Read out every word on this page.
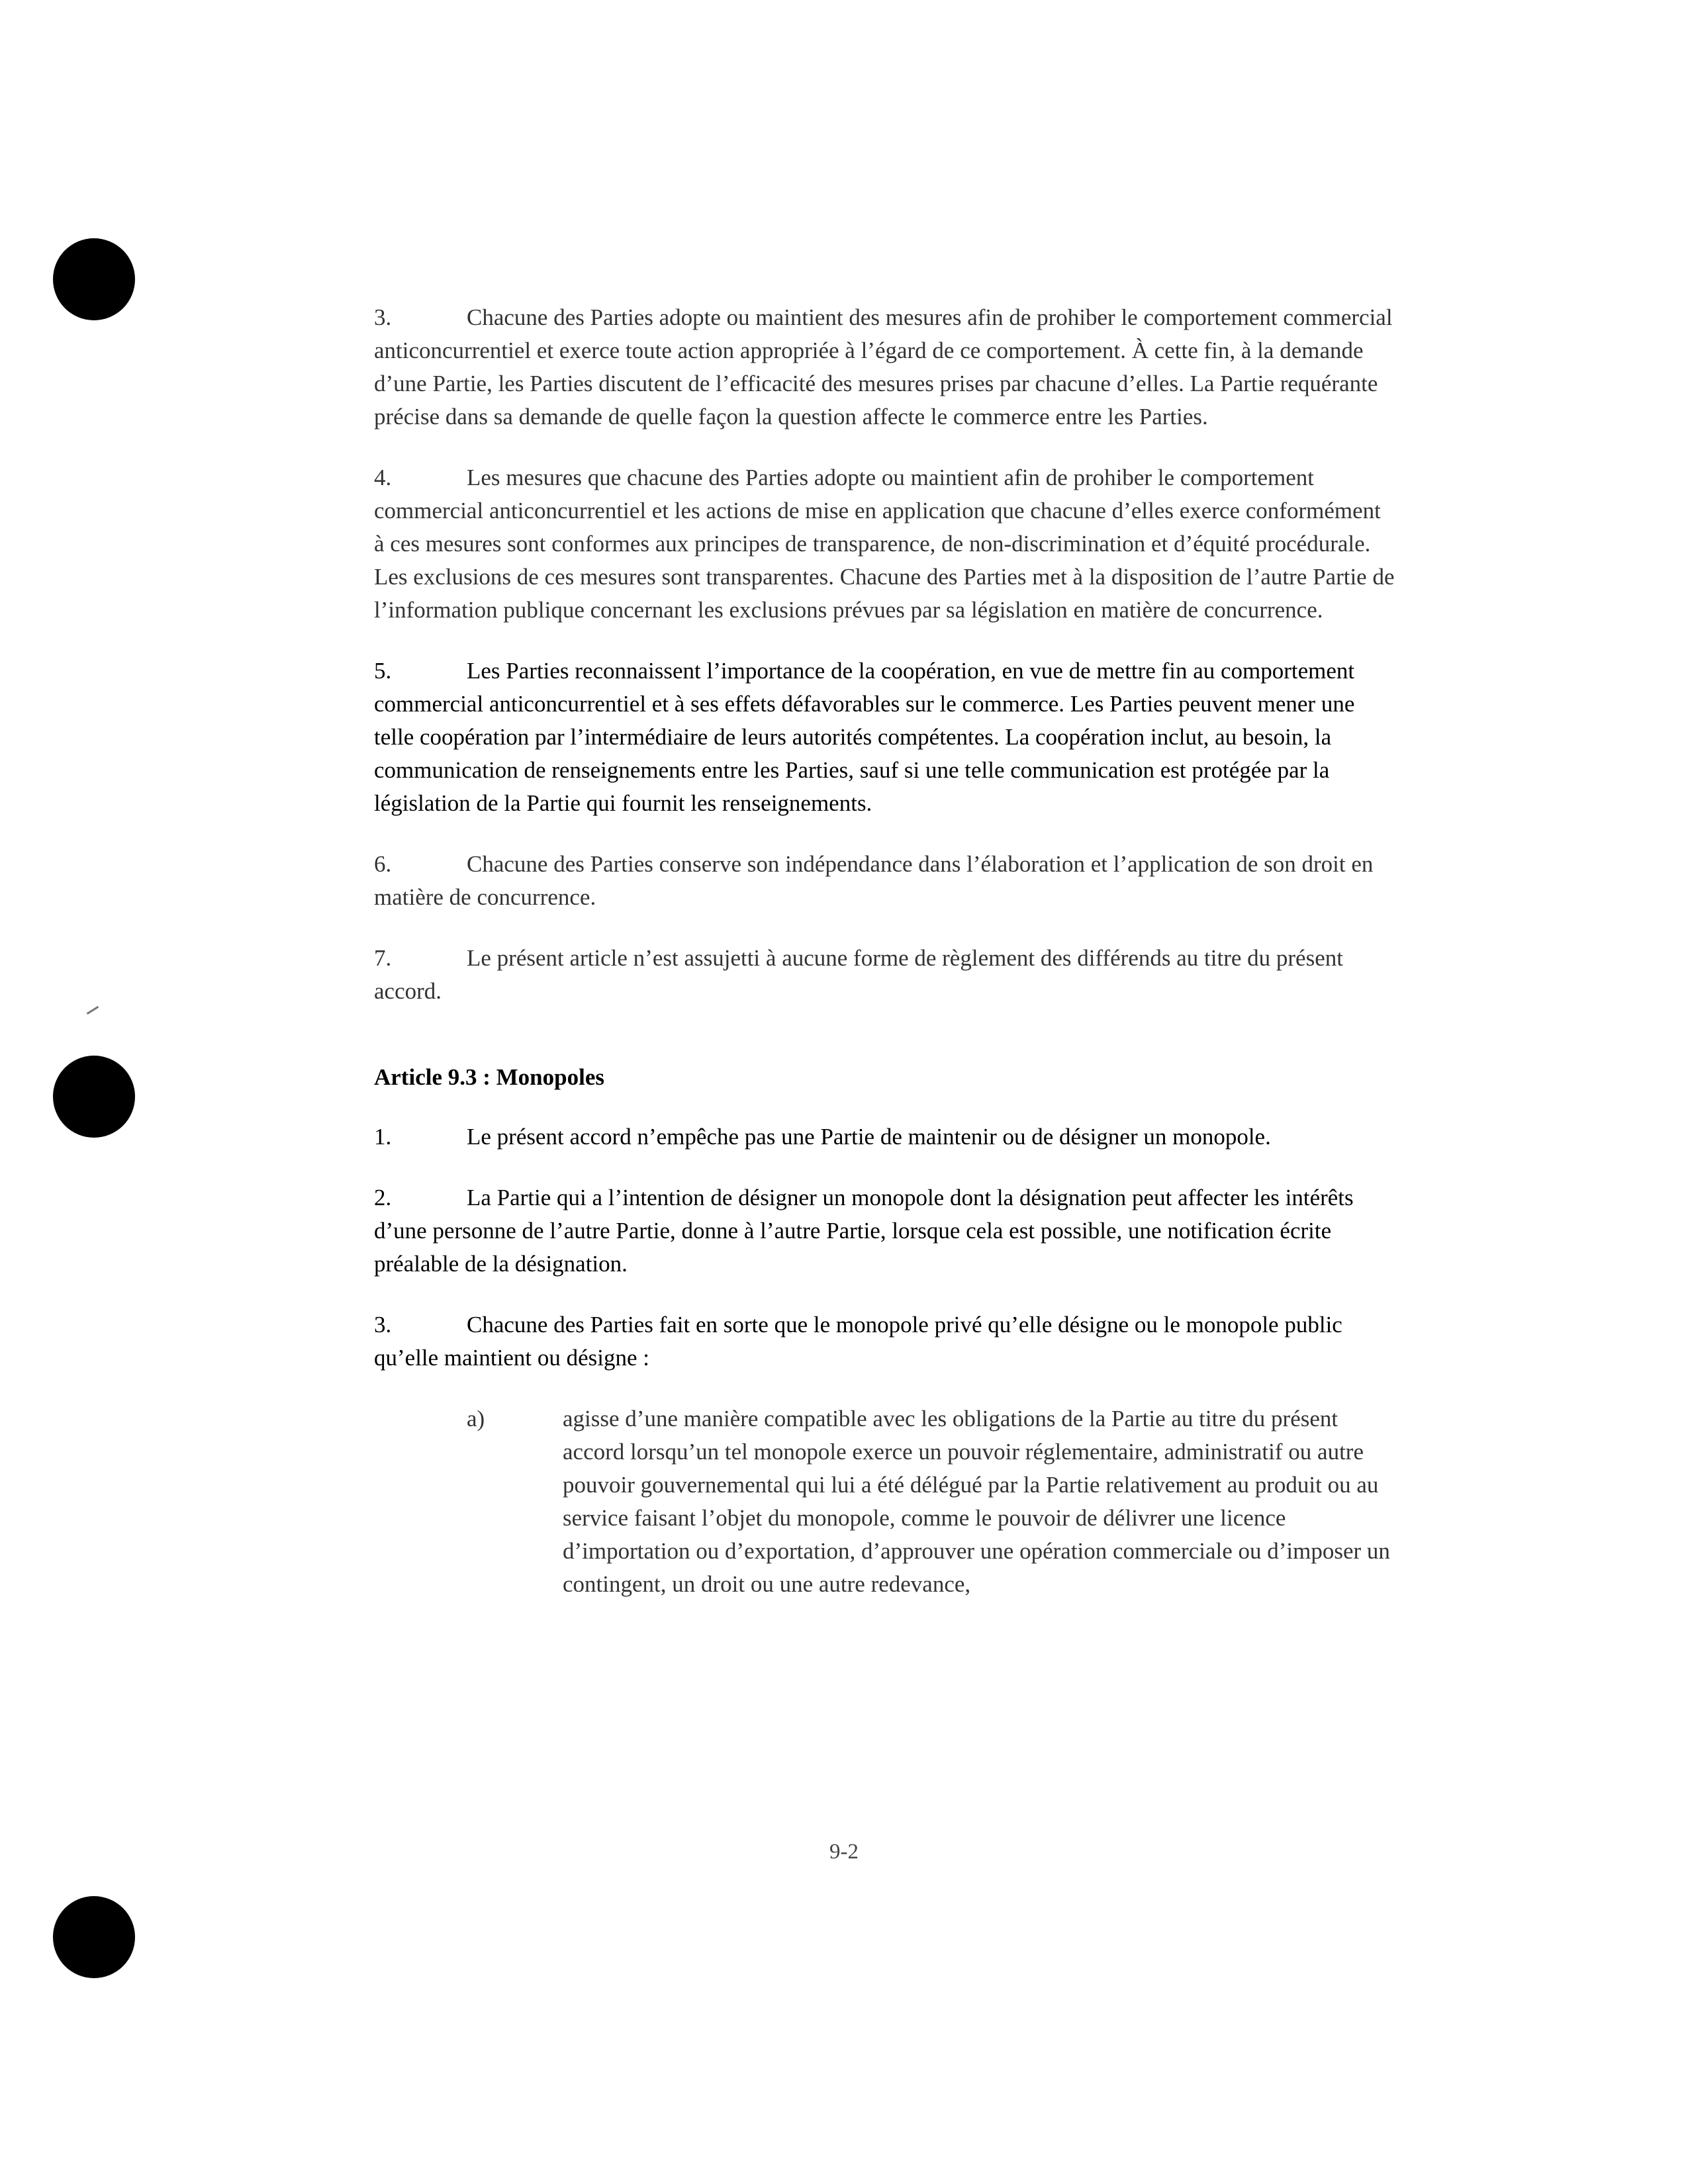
3.	Chacune des Parties adopte ou maintient des mesures afin de prohiber le comportement commercial anticoncurrentiel et exerce toute action appropriée à l’égard de ce comportement. À cette fin, à la demande d’une Partie, les Parties discutent de l’efficacité des mesures prises par chacune d’elles. La Partie requérante précise dans sa demande de quelle façon la question affecte le commerce entre les Parties.

4.	Les mesures que chacune des Parties adopte ou maintient afin de prohiber le comportement commercial anticoncurrentiel et les actions de mise en application que chacune d’elles exerce conformément à ces mesures sont conformes aux principes de transparence, de non-discrimination et d’équité procédurale. Les exclusions de ces mesures sont transparentes. Chacune des Parties met à la disposition de l’autre Partie de l’information publique concernant les exclusions prévues par sa législation en matière de concurrence.

5.	Les Parties reconnaissent l’importance de la coopération, en vue de mettre fin au comportement commercial anticoncurrentiel et à ses effets défavorables sur le commerce. Les Parties peuvent mener une telle coopération par l’intermédiaire de leurs autorités compétentes. La coopération inclut, au besoin, la communication de renseignements entre les Parties, sauf si une telle communication est protégée par la législation de la Partie qui fournit les renseignements.

6.	Chacune des Parties conserve son indépendance dans l’élaboration et l’application de son droit en matière de concurrence.

7.	Le présent article n’est assujetti à aucune forme de règlement des différends au titre du présent accord.

Article 9.3 : Monopoles

1.	Le présent accord n’empêche pas une Partie de maintenir ou de désigner un monopole.

2.	La Partie qui a l’intention de désigner un monopole dont la désignation peut affecter les intérêts d’une personne de l’autre Partie, donne à l’autre Partie, lorsque cela est possible, une notification écrite préalable de la désignation.

3.	Chacune des Parties fait en sorte que le monopole privé qu’elle désigne ou le monopole public qu’elle maintient ou désigne :

a)	agisse d’une manière compatible avec les obligations de la Partie au titre du présent accord lorsqu’un tel monopole exerce un pouvoir réglementaire, administratif ou autre pouvoir gouvernemental qui lui a été délégué par la Partie relativement au produit ou au service faisant l’objet du monopole, comme le pouvoir de délivrer une licence d’importation ou d’exportation, d’approuver une opération commerciale ou d’imposer un contingent, un droit ou une autre redevance,
9-2
